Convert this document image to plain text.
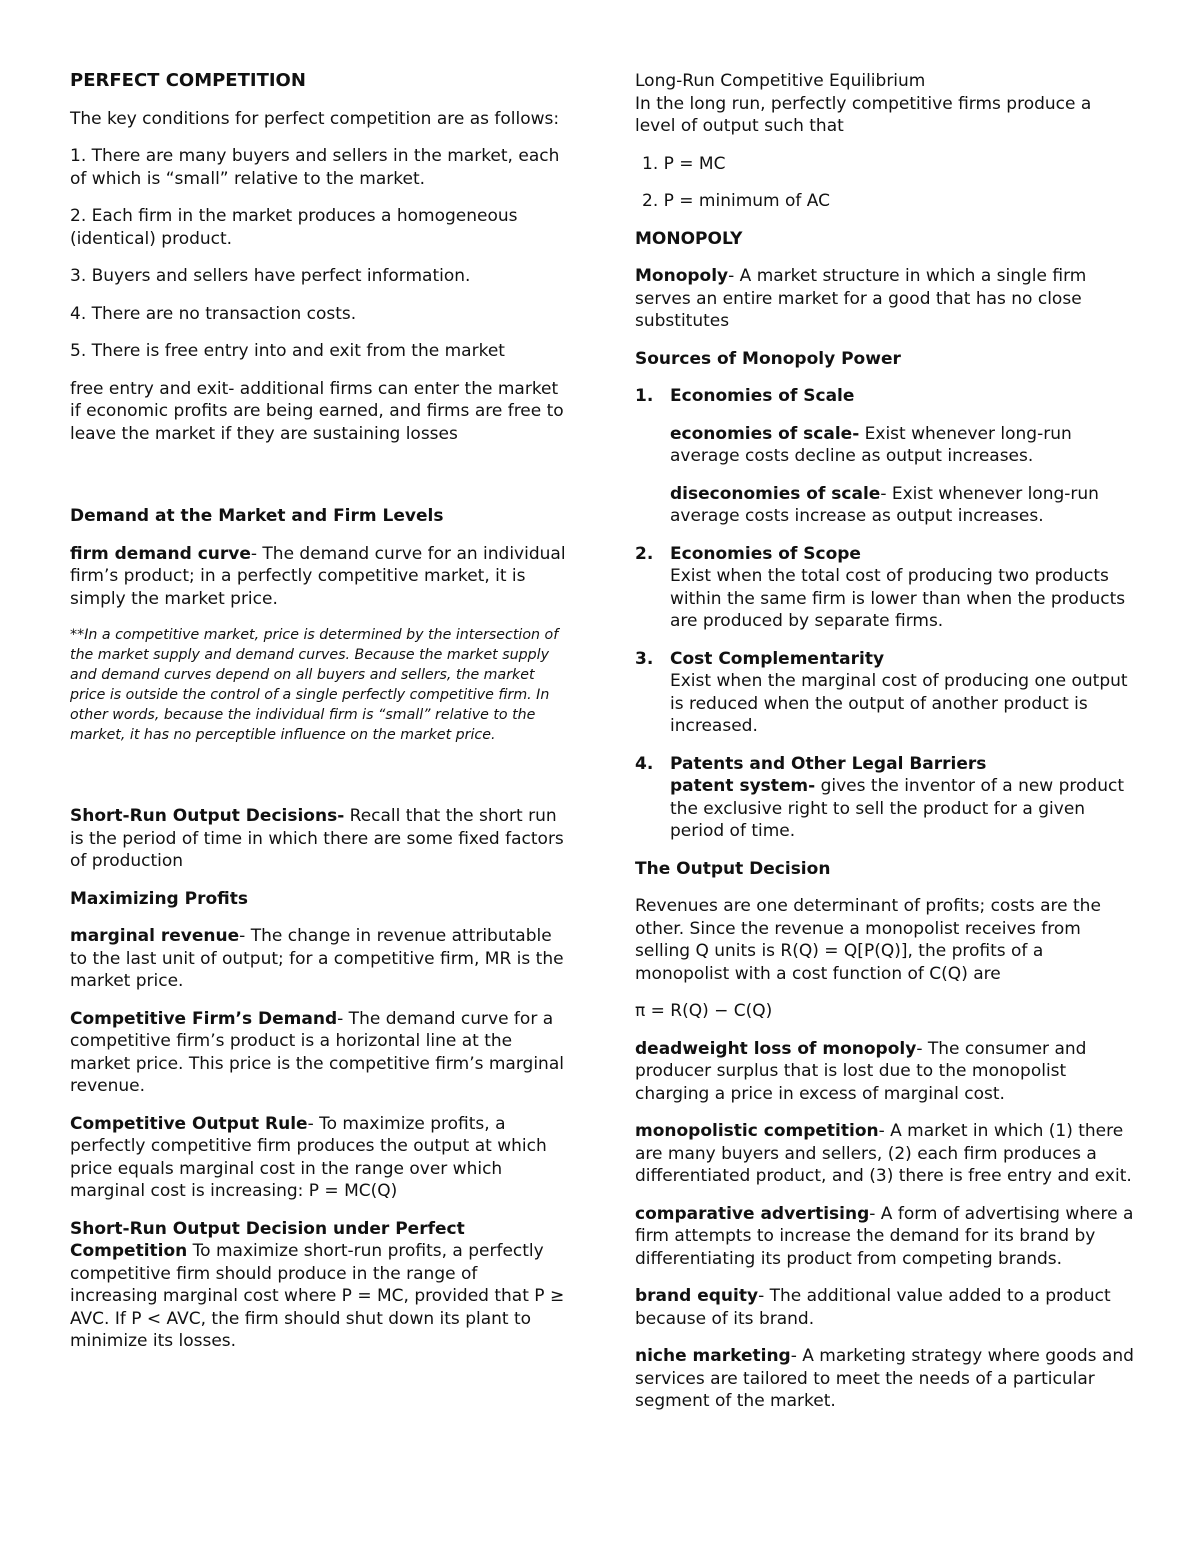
PERFECT COMPETITION

The key conditions for perfect competition are as follows:

1. There are many buyers and sellers in the market, each of which is “small” relative to the market.

2. Each firm in the market produces a homogeneous (identical) product.

3. Buyers and sellers have perfect information.

4. There are no transaction costs.

5. There is free entry into and exit from the market

free entry and exit- additional firms can enter the market if economic profits are being earned, and firms are free to leave the market if they are sustaining losses

Demand at the Market and Firm Levels

firm demand curve- The demand curve for an individual firm’s product; in a perfectly competitive market, it is simply the market price.

**In a competitive market, price is determined by the intersection of the market supply and demand curves. Because the market supply and demand curves depend on all buyers and sellers, the market price is outside the control of a single perfectly competitive firm. In other words, because the individual firm is “small” relative to the market, it has no perceptible influence on the market price.

Short-Run Output Decisions- Recall that the short run is the period of time in which there are some fixed factors of production

Maximizing Profits

marginal revenue- The change in revenue attributable to the last unit of output; for a competitive firm, MR is the market price.

Competitive Firm’s Demand- The demand curve for a competitive firm’s product is a horizontal line at the market price. This price is the competitive firm’s marginal revenue.

Competitive Output Rule- To maximize profits, a perfectly competitive firm produces the output at which price equals marginal cost in the range over which marginal cost is increasing: P = MC(Q)

Short-Run Output Decision under Perfect Competition To maximize short-run profits, a perfectly competitive firm should produce in the range of increasing marginal cost where P = MC, provided that P ≥ AVC. If P < AVC, the firm should shut down its plant to minimize its losses.

Long-Run Competitive Equilibrium

In the long run, perfectly competitive firms produce a level of output such that

1. P = MC

2. P = minimum of AC

MONOPOLY

Monopoly- A market structure in which a single firm serves an entire market for a good that has no close substitutes

Sources of Monopoly Power

1. Economies of Scale
economies of scale- Exist whenever long-run average costs decline as output increases.
diseconomies of scale- Exist whenever long-run average costs increase as output increases.
2. Economies of Scope
Exist when the total cost of producing two products within the same firm is lower than when the products are produced by separate firms.
3. Cost Complementarity
Exist when the marginal cost of producing one output is reduced when the output of another product is increased.
4. Patents and Other Legal Barriers
patent system- gives the inventor of a new product the exclusive right to sell the product for a given period of time.

The Output Decision

Revenues are one determinant of profits; costs are the other. Since the revenue a monopolist receives from selling Q units is R(Q) = Q[P(Q)], the profits of a monopolist with a cost function of C(Q) are

π = R(Q) − C(Q)

deadweight loss of monopoly- The consumer and producer surplus that is lost due to the monopolist charging a price in excess of marginal cost.

monopolistic competition- A market in which (1) there are many buyers and sellers, (2) each firm produces a differentiated product, and (3) there is free entry and exit.

comparative advertising- A form of advertising where a firm attempts to increase the demand for its brand by differentiating its product from competing brands.

brand equity- The additional value added to a product because of its brand.

niche marketing- A marketing strategy where goods and services are tailored to meet the needs of a particular segment of the market.
